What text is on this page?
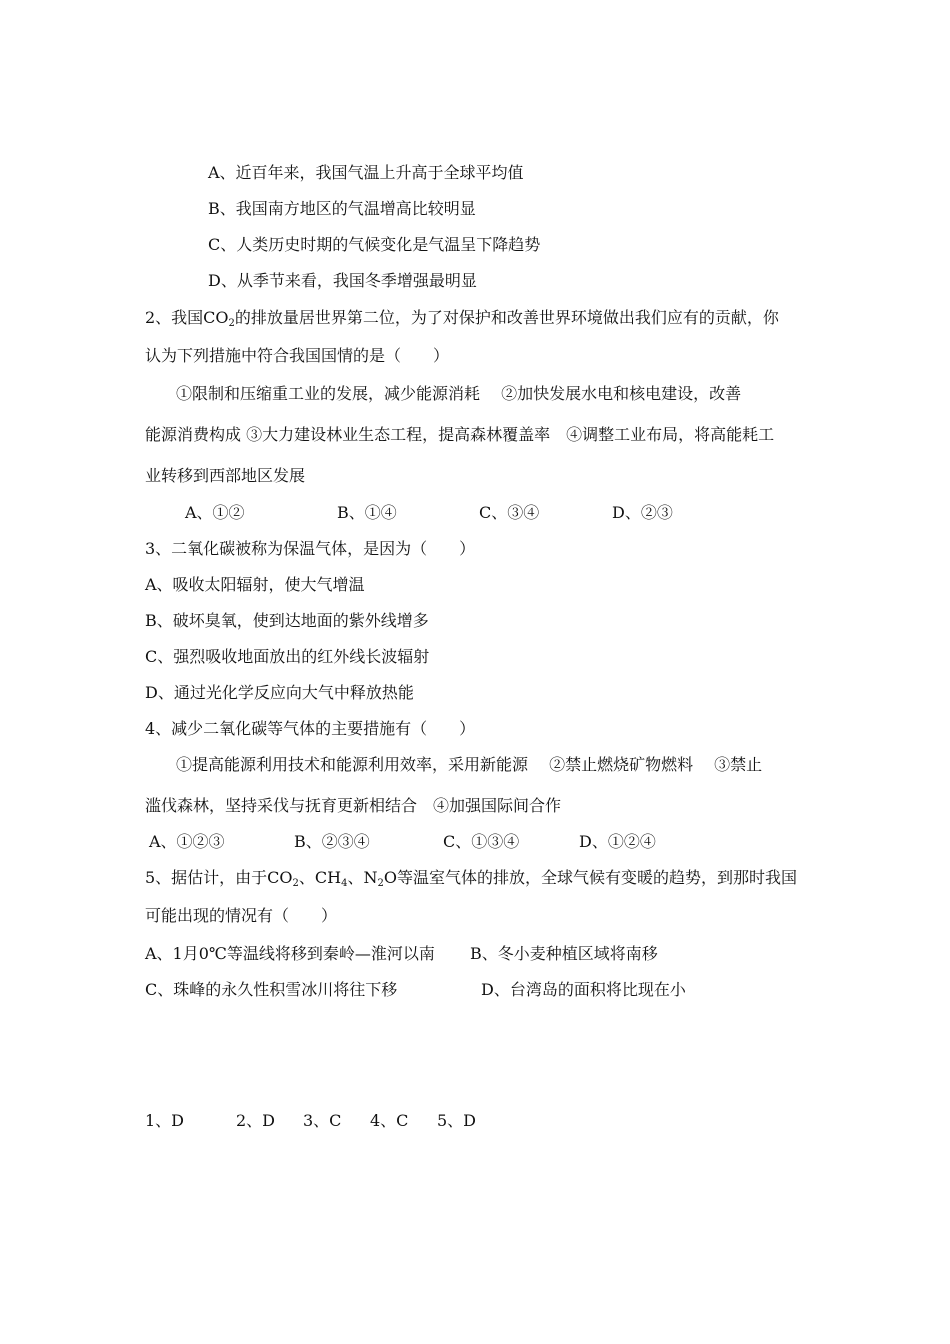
A、近百年来，我国气温上升高于全球平均值
B、我国南方地区的气温增高比较明显
C、人类历史时期的气候变化是气温呈下降趋势
D、从季节来看，我国冬季增强最明显
2、我国$CO_2$的排放量居世界第二位，为了对保护和改善世界环境做出我们应有的贡献，你
认为下列措施中符合我国国情的是（　　）
①限制和压缩重工业的发展，减少能源消耗　 ②加快发展水电和核电建设，改善
能源消费构成 ③大力建设林业生态工程，提高森林覆盖率　④调整工业布局，将高能耗工
业转移到西部地区发展
A、①②	B、①④	C、③④	D、②③
3、二氧化碳被称为保温气体，是因为（　　）
A、吸收太阳辐射，使大气增温
B、破坏臭氧，使到达地面的紫外线增多
C、强烈吸收地面放出的红外线长波辐射
D、通过光化学反应向大气中释放热能
4、减少二氧化碳等气体的主要措施有（　　）
①提高能源利用技术和能源利用效率，采用新能源　 ②禁止燃烧矿物燃料　 ③禁止
滥伐森林，坚持采伐与抚育更新相结合　④加强国际间合作
A、①②③	B、②③④	C、①③④	D、①②④
5、据估计，由于$CO_2$、$CH_4$、$N_2O$等温室气体的排放，全球气候有变暖的趋势，到那时我国
可能出现的情况有（　　）
A、1月0℃等温线将移到秦岭—淮河以南 B、冬小麦种植区域将南移
C、珠峰的永久性积雪冰川将往下移	D、台湾岛的面积将比现在小
1、D	2、D 3、C 4、C 5、D
